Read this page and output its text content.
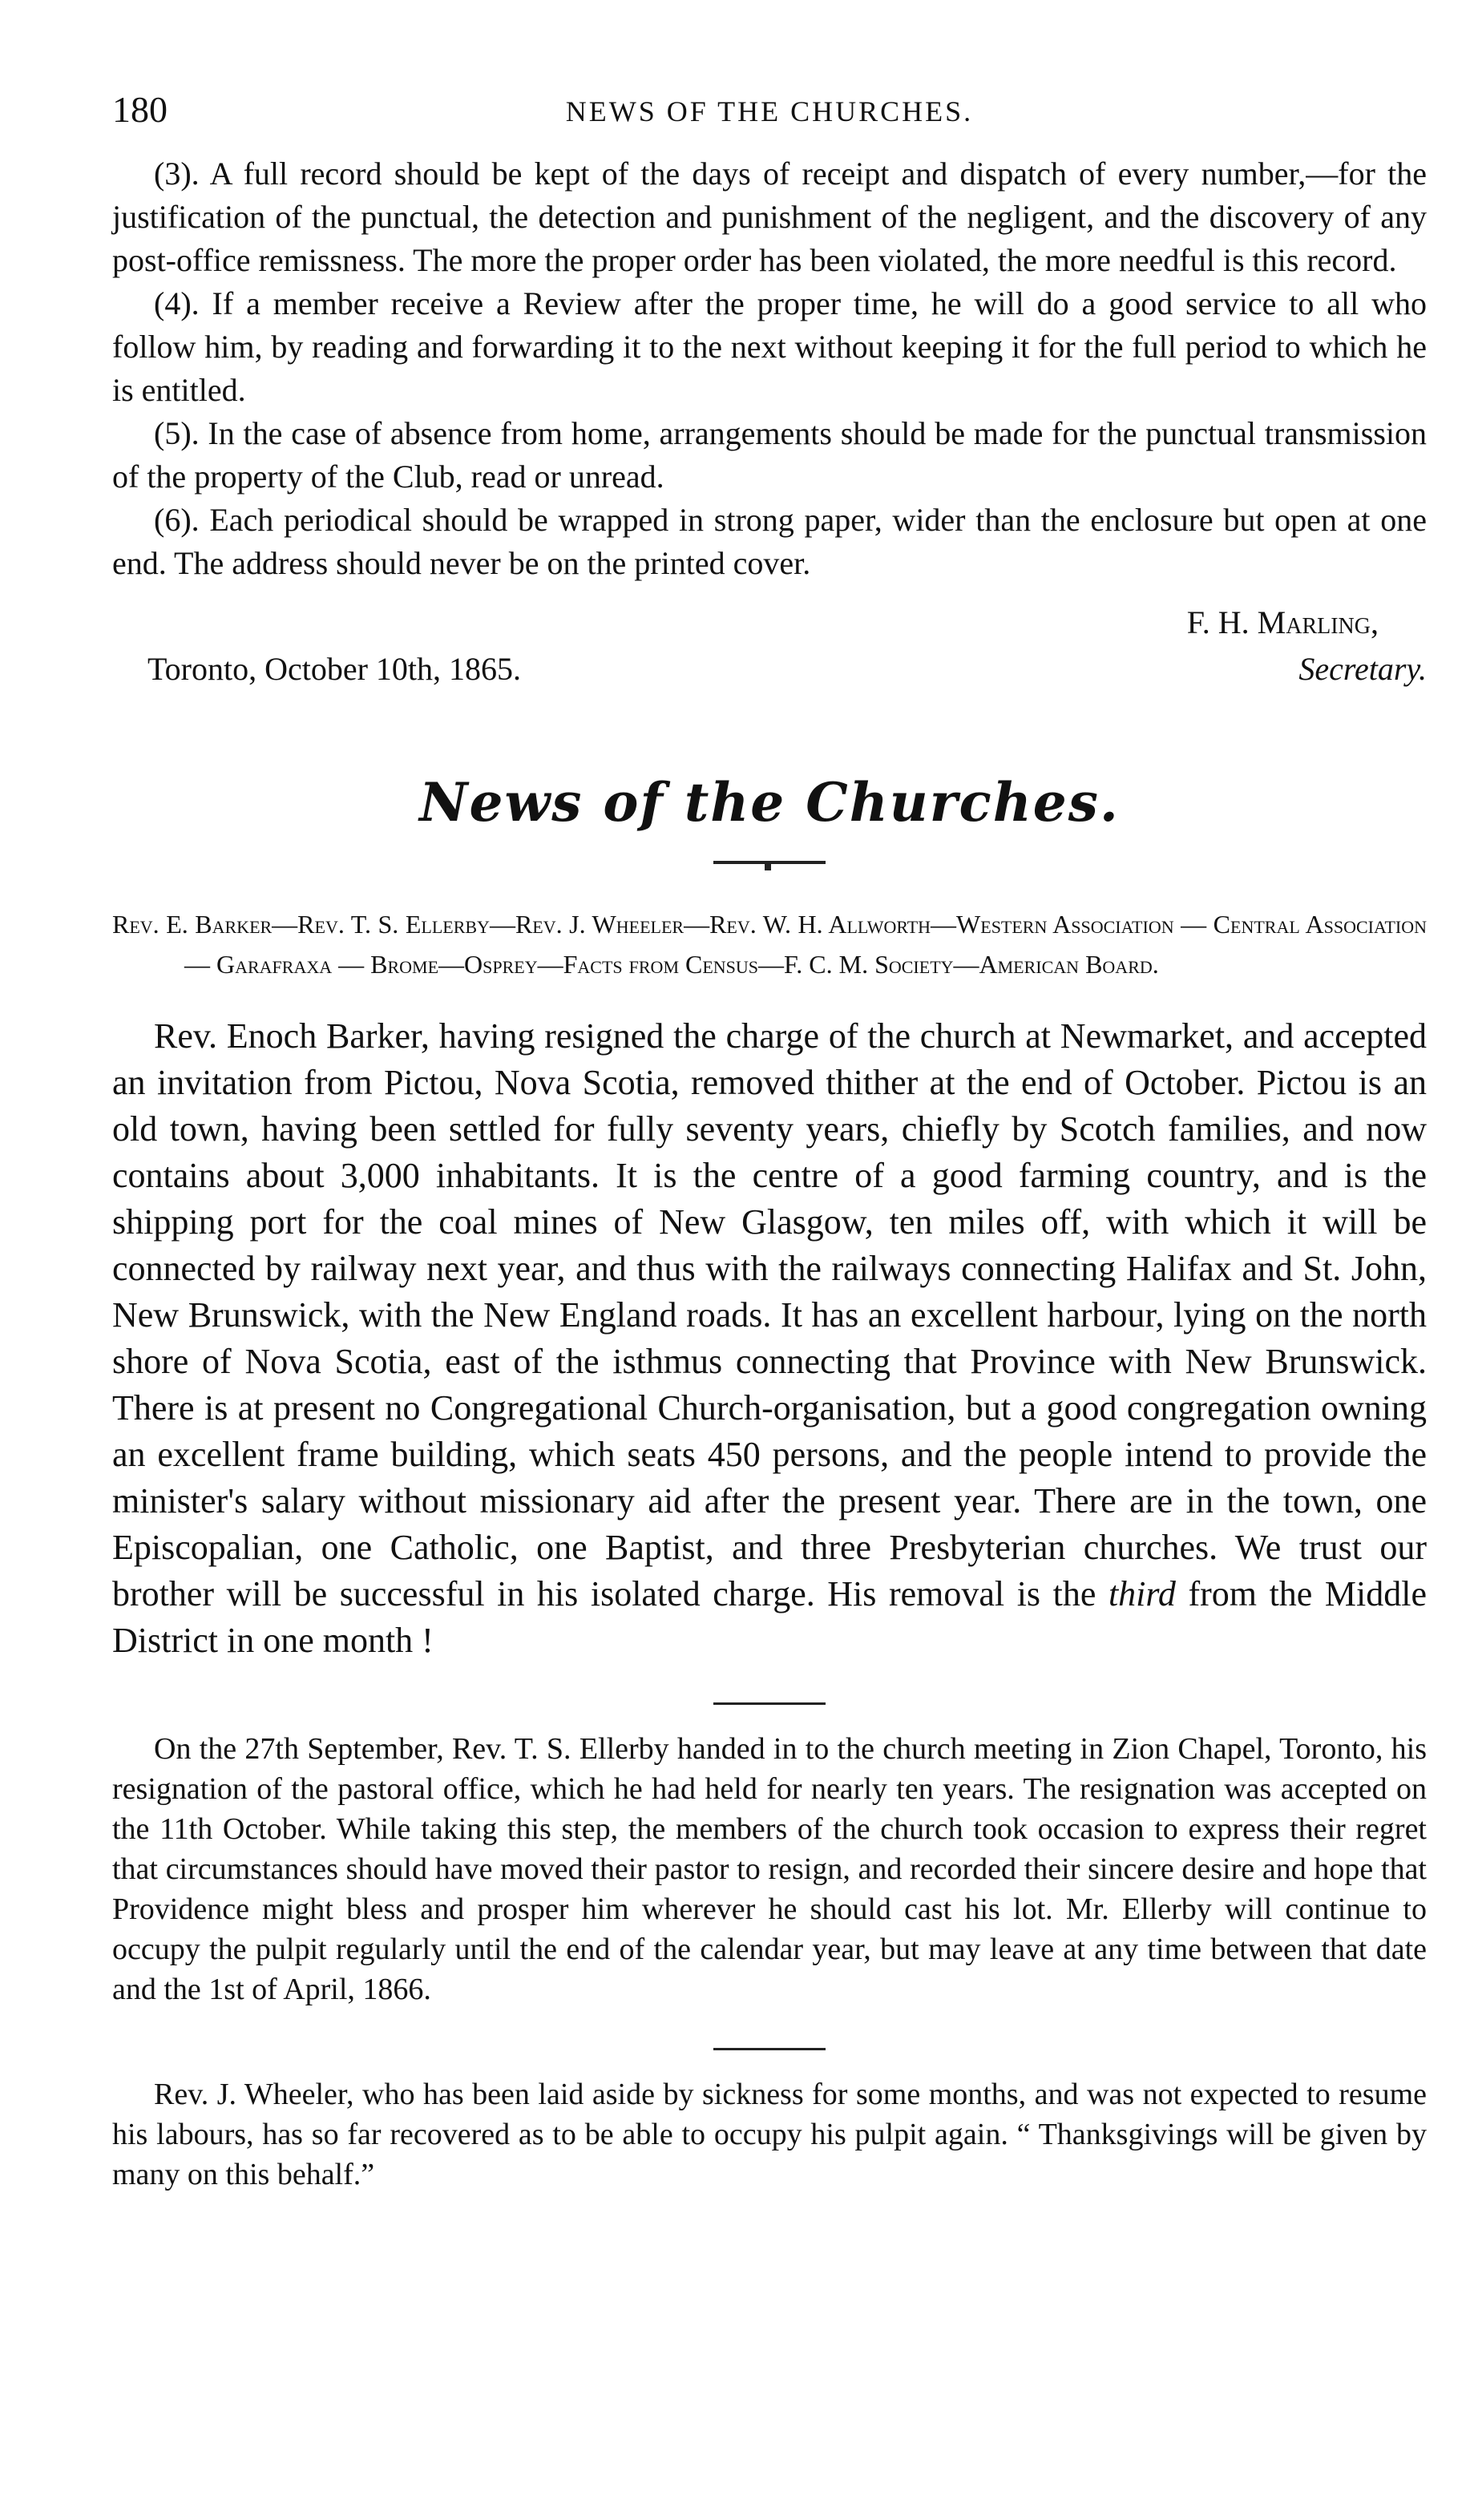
180	NEWS OF THE CHURCHES.

(3). A full record should be kept of the days of receipt and dispatch of every number,—for the justification of the punctual, the detection and punishment of the negligent, and the discovery of any post-office remissness. The more the proper order has been violated, the more needful is this record.

(4). If a member receive a Review after the proper time, he will do a good service to all who follow him, by reading and forwarding it to the next without keeping it for the full period to which he is entitled.

(5). In the case of absence from home, arrangements should be made for the punctual transmission of the property of the Club, read or unread.

(6). Each periodical should be wrapped in strong paper, wider than the enclosure but open at one end. The address should never be on the printed cover.

F. H. Marling,
Toronto, October 10th, 1865.	Secretary.
News of the Churches.

Rev. E. Barker—Rev. T. S. Ellerby—Rev. J. Wheeler—Rev. W. H. Allworth—Western Association — Central Association — Garafraxa — Brome—Osprey—Facts from Census—F. C. M. Society—American Board.

Rev. Enoch Barker, having resigned the charge of the church at Newmarket, and accepted an invitation from Pictou, Nova Scotia, removed thither at the end of October. Pictou is an old town, having been settled for fully seventy years, chiefly by Scotch families, and now contains about 3,000 inhabitants. It is the centre of a good farming country, and is the shipping port for the coal mines of New Glasgow, ten miles off, with which it will be connected by railway next year, and thus with the railways connecting Halifax and St. John, New Brunswick, with the New England roads. It has an excellent harbour, lying on the north shore of Nova Scotia, east of the isthmus connecting that Province with New Brunswick. There is at present no Congregational Church-organisation, but a good congregation owning an excellent frame building, which seats 450 persons, and the people intend to provide the minister's salary without missionary aid after the present year. There are in the town, one Episcopalian, one Catholic, one Baptist, and three Presbyterian churches. We trust our brother will be successful in his isolated charge. His removal is the third from the Middle District in one month !

On the 27th September, Rev. T. S. Ellerby handed in to the church meeting in Zion Chapel, Toronto, his resignation of the pastoral office, which he had held for nearly ten years. The resignation was accepted on the 11th October. While taking this step, the members of the church took occasion to express their regret that circumstances should have moved their pastor to resign, and recorded their sincere desire and hope that Providence might bless and prosper him wherever he should cast his lot. Mr. Ellerby will continue to occupy the pulpit regularly until the end of the calendar year, but may leave at any time between that date and the 1st of April, 1866.

Rev. J. Wheeler, who has been laid aside by sickness for some months, and was not expected to resume his labours, has so far recovered as to be able to occupy his pulpit again. “ Thanksgivings will be given by many on this behalf.”
